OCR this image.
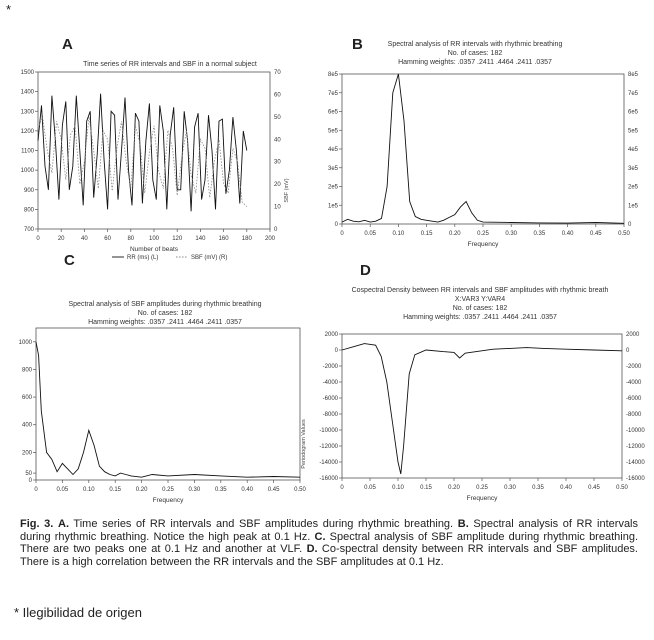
*
A	B
C
D
Time series of RR intervals and SBF in a normal subject
Spectral analysis of RR intervals with rhythmic breathing
No. of cases: 182
Hamming weights: .0357 .2411 .4464 .2411 .0357
Spectral analysis of SBF amplitudes during rhythmic breathing
No. of cases: 182
Hamming weights: .0357 .2411 .4464 .2411 .0357
Cospectral Density between RR intervals and SBF amplitudes with rhythmic breath
X:VAR3 Y:VAR4
No. of cases: 182
Hamming weights: .0357 .2411 .4464 .2411 .0357
0	20	40	60	80 100 120 140 160 180 200
700
800
900
1000
1100
1200
1300
1400
1500
0
10
20
30
40
50
60
70
Number of beats
SBF (mV)
RR (ms) (L)	SBF (mV) (R)
0	0.05	0.10	0.15	0.20	0.25	0.30	0.35	0.40	0.45	0.50
0	0
1e5	1e5
2e5	2e5
3e5	3e5
4e5	4e5
5e5	5e5
6e5	6e5
7e5	7e5
8e5	8e5
Frequency
0	0.05 0.10 0.15 0.20 0.25 0.30 0.35 0.40 0.45 0.50
0
50
200
400
600
800
1000
Frequency
Periodogram Values
0	0.05	0.10	0.15	0.20	0.25	0.30	0.35	0.40	0.45	0.50
-16000	-16000
-14000	-14000
-12000	-12000
-10000	-10000
-8000	-8000
-6000	-6000
-4000	-4000
-2000	-2000
0	0
2000	2000
Frequency
Fig. 3. A. Time series of RR intervals and SBF amplitudes during rhythmic breathing. B. Spectral analysis of RR intervals during rhythmic breathing. Notice the high peak at 0.1 Hz. C. Spectral analysis of SBF amplitude during rhythmic breathing. There are two peaks one at 0.1 Hz and another at VLF. D. Co-spectral density between RR intervals and SBF amplitudes. There is a high correlation between the RR intervals and the SBF amplitudes at 0.1 Hz.
* Ilegibilidad de origen
